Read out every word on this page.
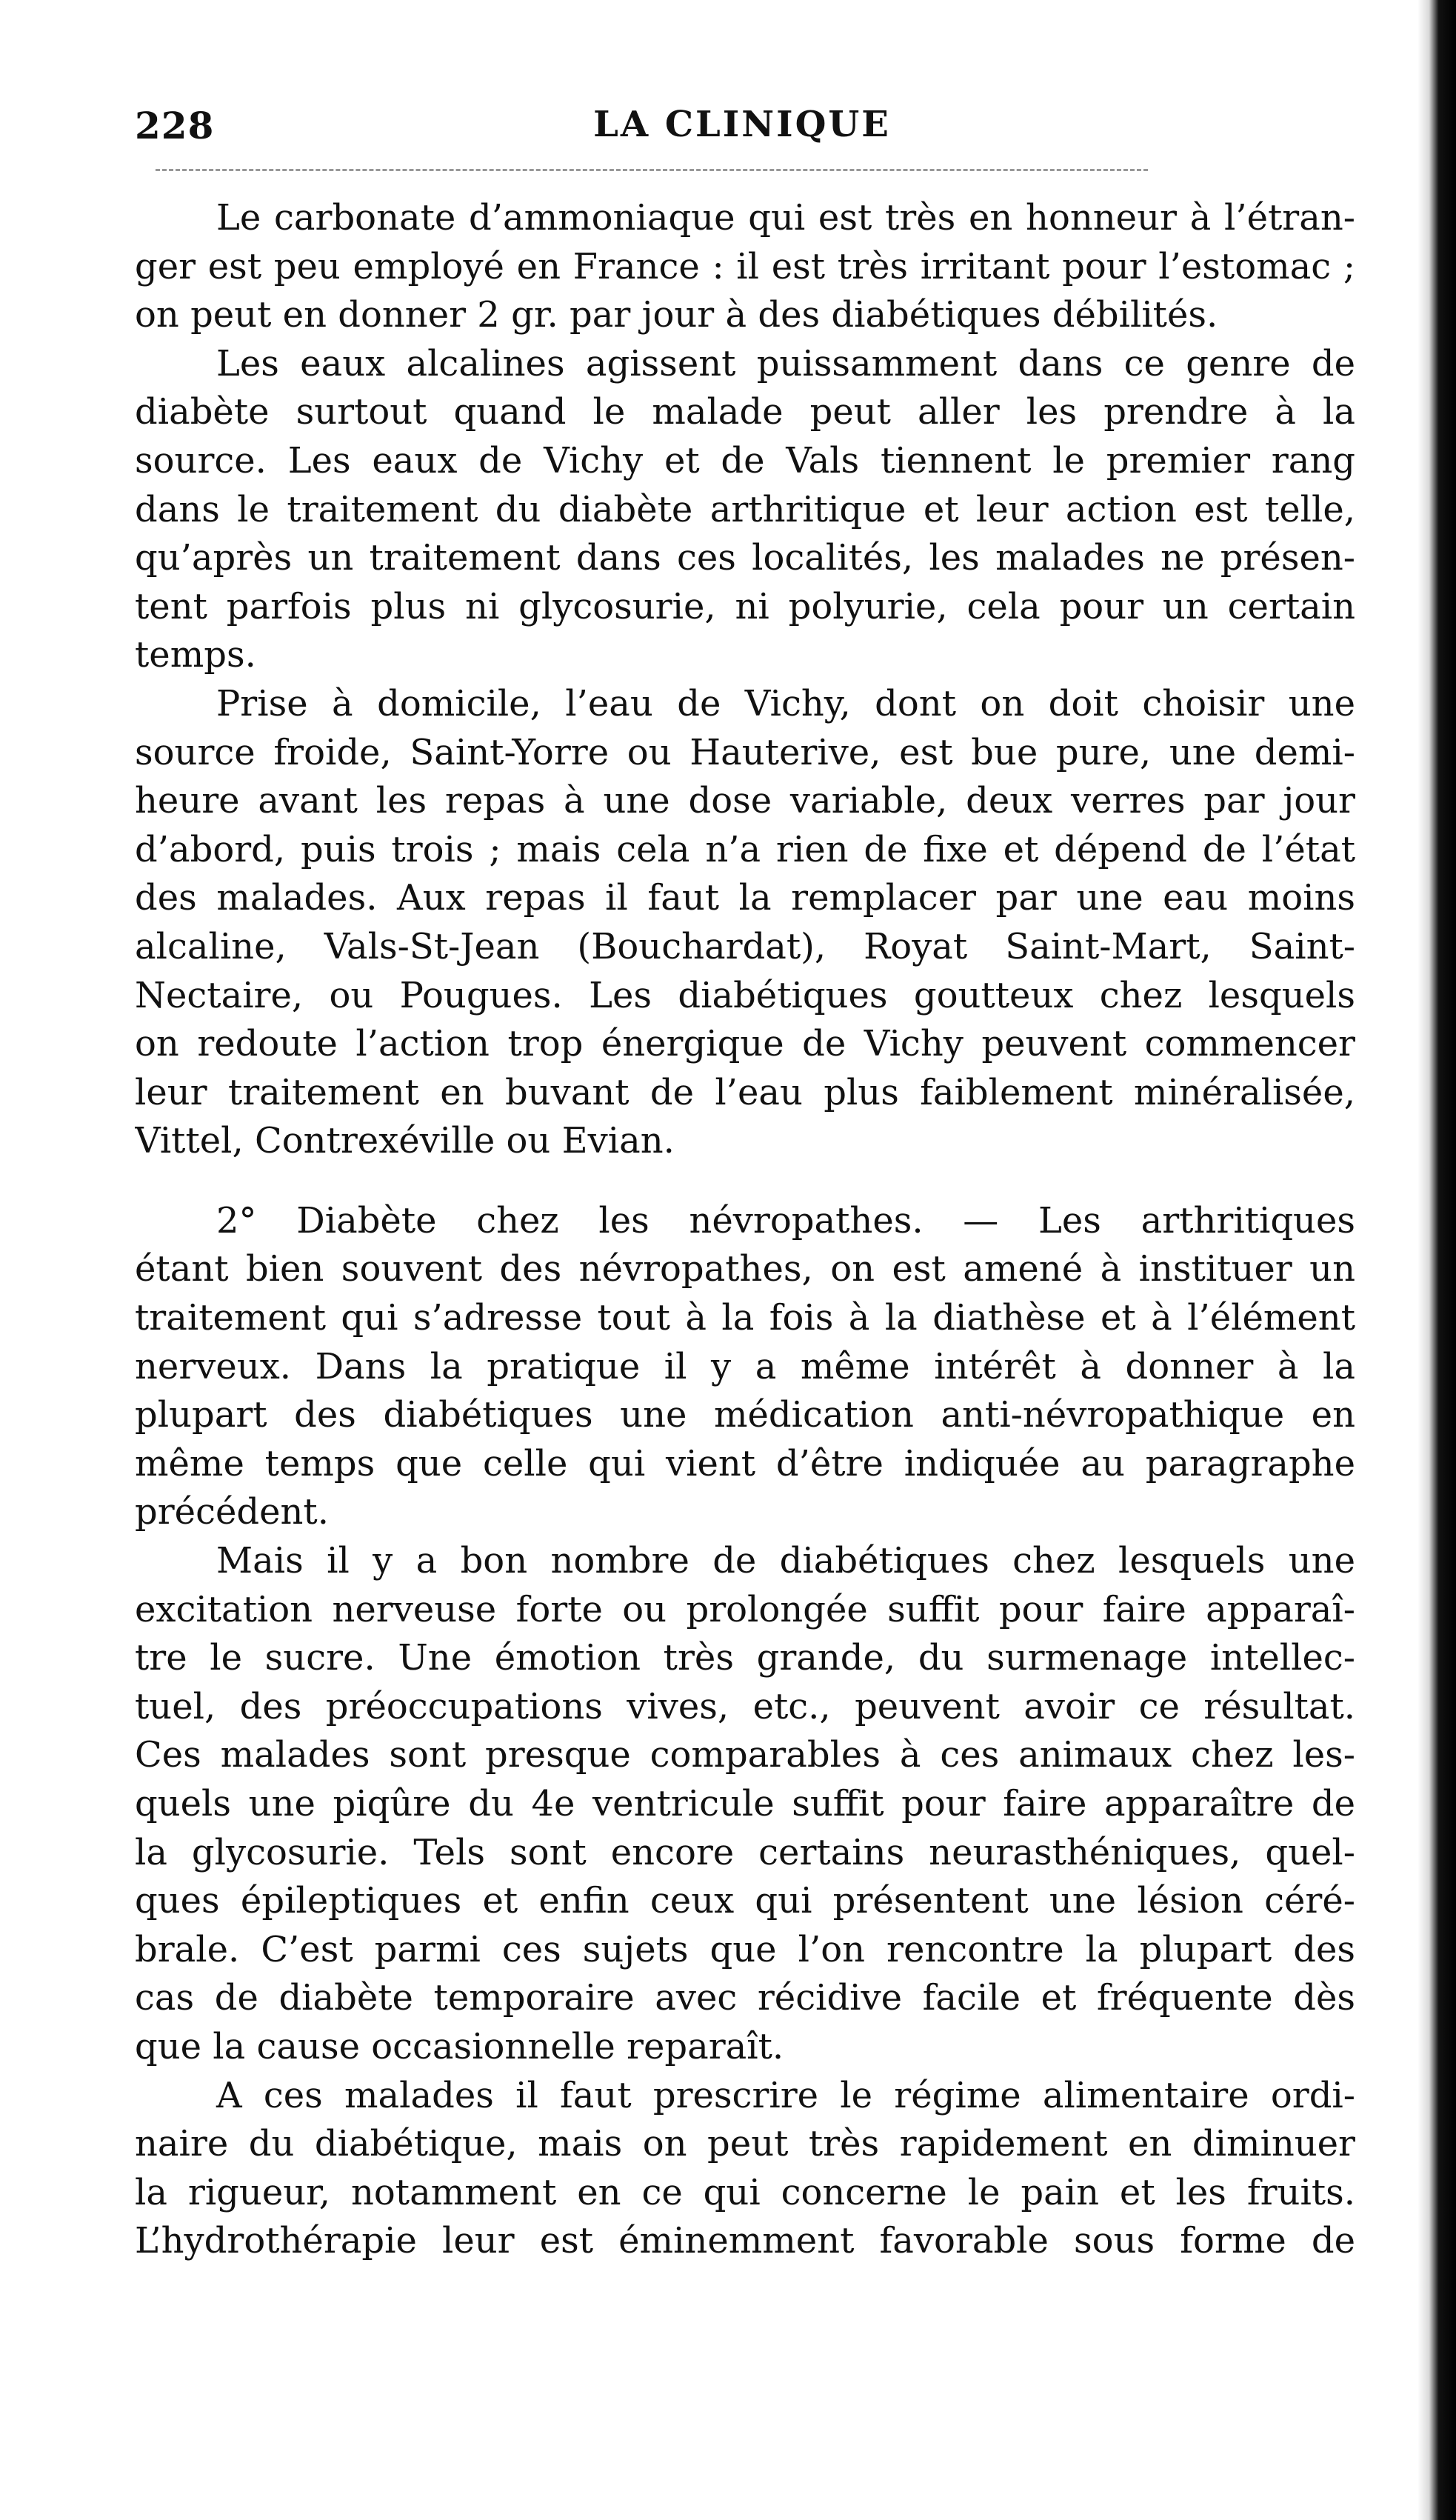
228	LA CLINIQUE
Le carbonate d’ammoniaque qui est très en honneur à l’étran-
ger est peu employé en France : il est très irritant pour l’estomac ;
on peut en donner 2 gr. par jour à des diabétiques débilités.
Les eaux alcalines agissent puissamment dans ce genre de
diabète surtout quand le malade peut aller les prendre à la
source. Les eaux de Vichy et de Vals tiennent le premier rang
dans le traitement du diabète arthritique et leur action est telle,
qu’après un traitement dans ces localités, les malades ne présen-
tent parfois plus ni glycosurie, ni polyurie, cela pour un certain
temps.
Prise à domicile, l’eau de Vichy, dont on doit choisir une
source froide, Saint-Yorre ou Hauterive, est bue pure, une demi-
heure avant les repas à une dose variable, deux verres par jour
d’abord, puis trois ; mais cela n’a rien de fixe et dépend de l’état
des malades. Aux repas il faut la remplacer par une eau moins
alcaline, Vals-St-Jean (Bouchardat), Royat Saint-Mart, Saint-
Nectaire, ou Pougues. Les diabétiques goutteux chez lesquels
on redoute l’action trop énergique de Vichy peuvent commencer
leur traitement en buvant de l’eau plus faiblement minéralisée,
Vittel, Contrexéville ou Evian.
2° Diabète chez les névropathes. — Les arthritiques
étant bien souvent des névropathes, on est amené à instituer un
traitement qui s’adresse tout à la fois à la diathèse et à l’élément
nerveux. Dans la pratique il y a même intérêt à donner à la
plupart des diabétiques une médication anti-névropathique en
même temps que celle qui vient d’être indiquée au paragraphe
précédent.
Mais il y a bon nombre de diabétiques chez lesquels une
excitation nerveuse forte ou prolongée suffit pour faire apparaî-
tre le sucre. Une émotion très grande, du surmenage intellec-
tuel, des préoccupations vives, etc., peuvent avoir ce résultat.
Ces malades sont presque comparables à ces animaux chez les-
quels une piqûre du 4e ventricule suffit pour faire apparaître de
la glycosurie. Tels sont encore certains neurasthéniques, quel-
ques épileptiques et enfin ceux qui présentent une lésion céré-
brale. C’est parmi ces sujets que l’on rencontre la plupart des
cas de diabète temporaire avec récidive facile et fréquente dès
que la cause occasionnelle reparaît.
A ces malades il faut prescrire le régime alimentaire ordi-
naire du diabétique, mais on peut très rapidement en diminuer
la rigueur, notamment en ce qui concerne le pain et les fruits.
L’hydrothérapie leur est éminemment favorable sous forme de
